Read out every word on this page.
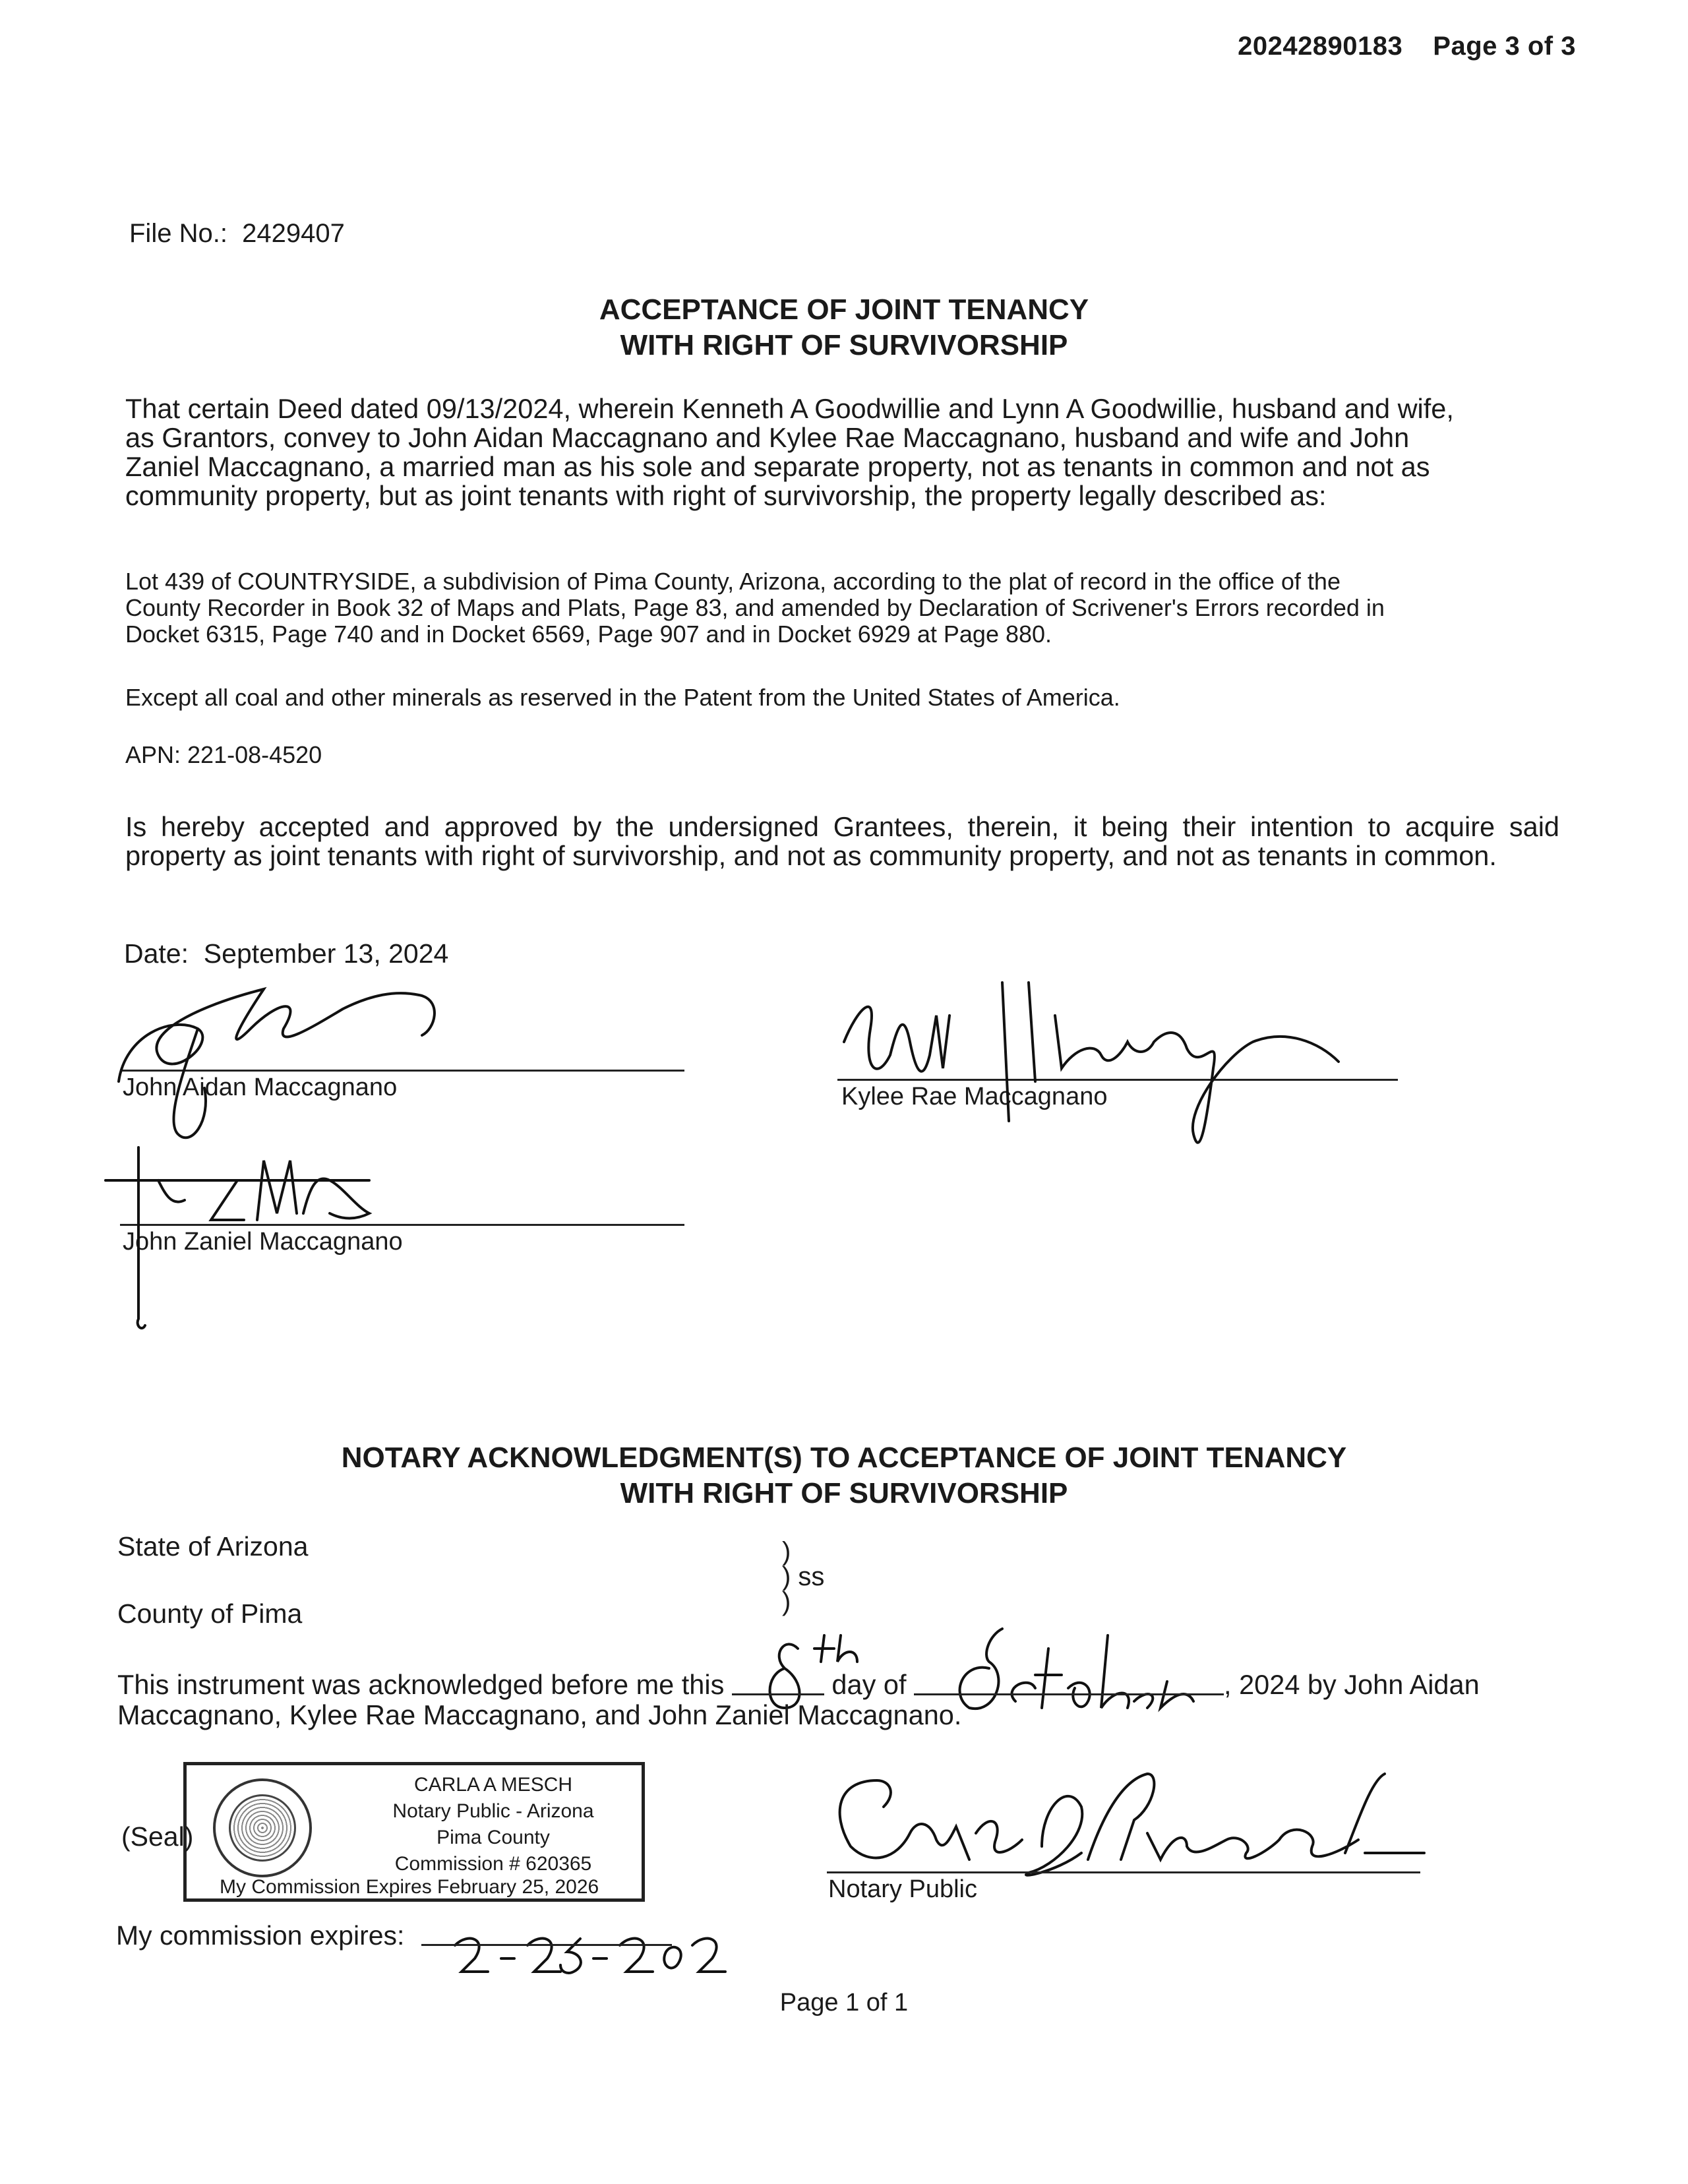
20242890183 Page 3 of 3
File No.: 2429407
ACCEPTANCE OF JOINT TENANCY
WITH RIGHT OF SURVIVORSHIP
That certain Deed dated 09/13/2024, wherein Kenneth A Goodwillie and Lynn A Goodwillie, husband and wife,
as Grantors, convey to John Aidan Maccagnano and Kylee Rae Maccagnano, husband and wife and John
Zaniel Maccagnano, a married man as his sole and separate property, not as tenants in common and not as
community property, but as joint tenants with right of survivorship, the property legally described as:
Lot 439 of COUNTRYSIDE, a subdivision of Pima County, Arizona, according to the plat of record in the office of the
County Recorder in Book 32 of Maps and Plats, Page 83, and amended by Declaration of Scrivener's Errors recorded in
Docket 6315, Page 740 and in Docket 6569, Page 907 and in Docket 6929 at Page 880.
Except all coal and other minerals as reserved in the Patent from the United States of America.
APN: 221-08-4520
Is hereby accepted and approved by the undersigned Grantees, therein, it being their intention to acquire said property as joint tenants with right of survivorship, and not as community property, and not as tenants in common.
Date: September 13, 2024
John Aidan Maccagnano	Kylee Rae Maccagnano
John Zaniel Maccagnano
NOTARY ACKNOWLEDGMENT(S) TO ACCEPTANCE OF JOINT TENANCY
WITH RIGHT OF SURVIVORSHIP
State of Arizona
County of Pima
)
) ss
)
This instrument was acknowledged before me this	day of	, 2024 by John Aidan
Maccagnano, Kylee Rae Maccagnano, and John Zaniel Maccagnano.
CARLA A MESCH
Notary Public - Arizona
Pima County
Commission # 620365
My Commission Expires February 25, 2026
(Seal)
Notary Public
My commission expires:
Page 1 of 1
